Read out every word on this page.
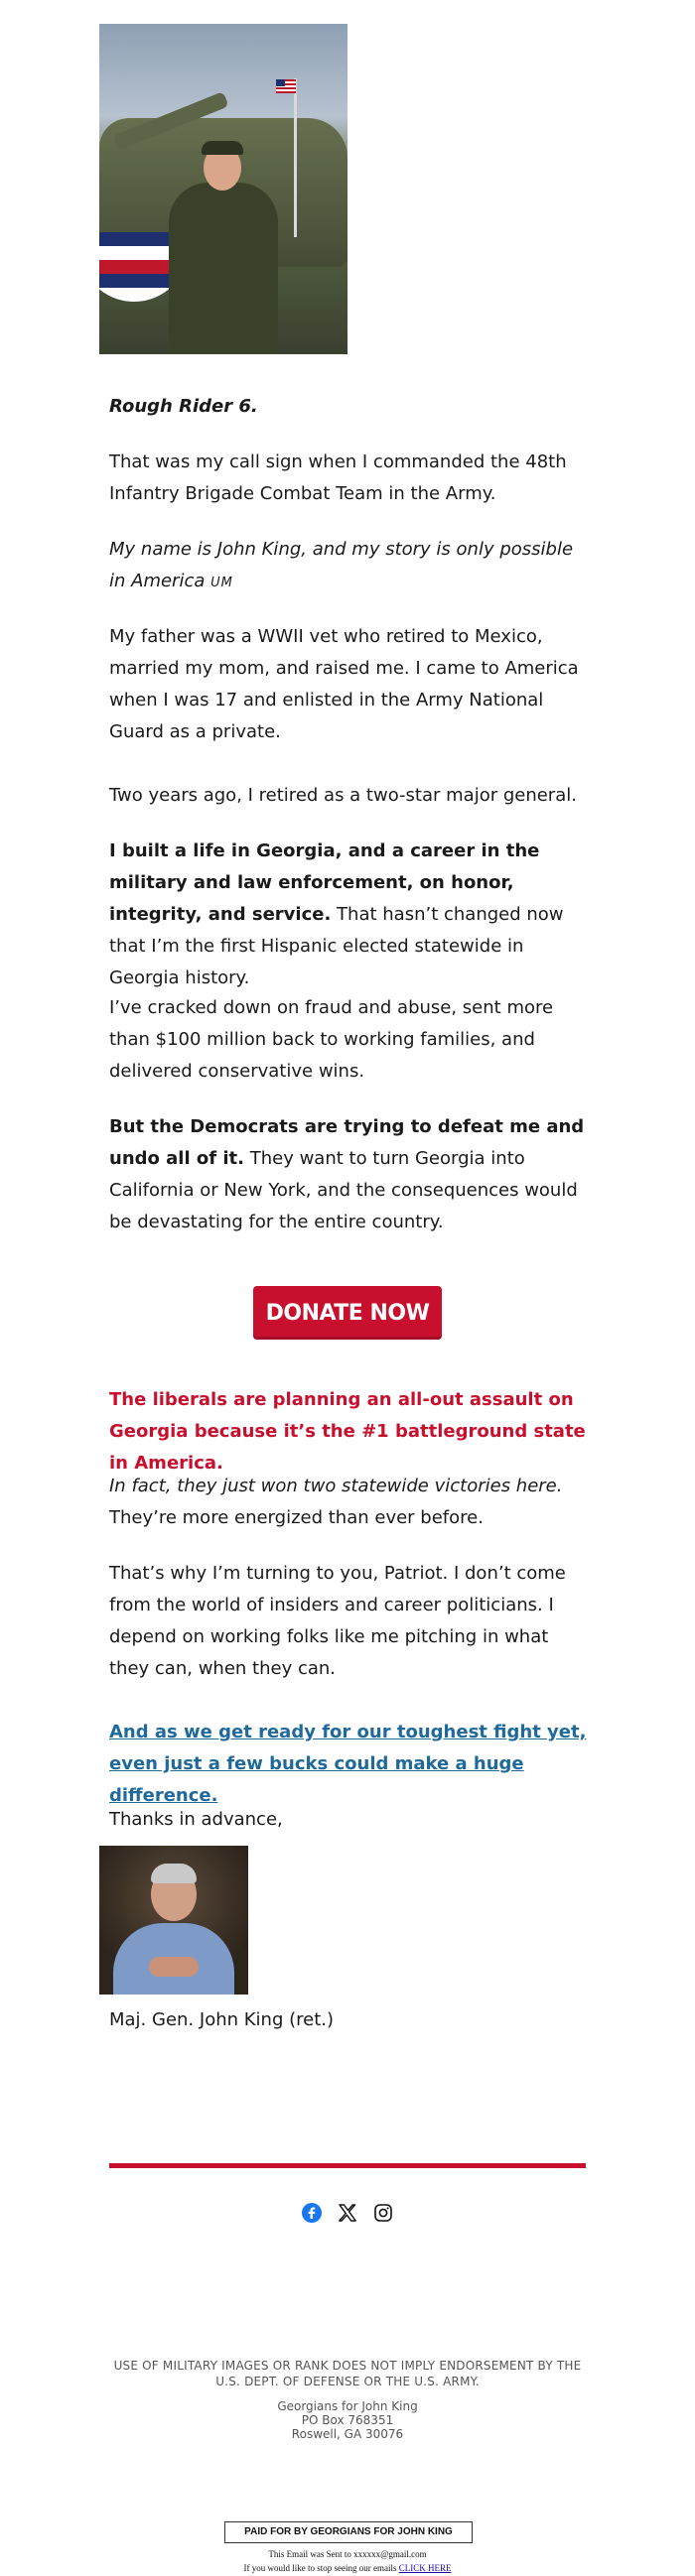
Rough Rider 6.

That was my call sign when I commanded the 48th Infantry Brigade Combat Team in the Army.

My name is John King, and my story is only possible in America UM

My father was a WWII vet who retired to Mexico, married my mom, and raised me. I came to America when I was 17 and enlisted in the Army National Guard as a private.

Two years ago, I retired as a two-star major general.

I built a life in Georgia, and a career in the military and law enforcement, on honor, integrity, and service. That hasn’t changed now that I’m the first Hispanic elected statewide in Georgia history.

I’ve cracked down on fraud and abuse, sent more than $100 million back to working families, and delivered conservative wins.

But the Democrats are trying to defeat me and undo all of it. They want to turn Georgia into California or New York, and the consequences would be devastating for the entire country.

DONATE NOW

The liberals are planning an all-out assault on Georgia because it’s the #1 battleground state in America.

In fact, they just won two statewide victories here. They’re more energized than ever before.

That’s why I’m turning to you, Patriot. I don’t come from the world of insiders and career politicians. I depend on working folks like me pitching in what they can, when they can.

And as we get ready for our toughest fight yet, even just a few bucks could make a huge difference.

Thanks in advance,

Maj. Gen. John King (ret.)

USE OF MILITARY IMAGES OR RANK DOES NOT IMPLY ENDORSEMENT BY THE U.S. DEPT. OF DEFENSE OR THE U.S. ARMY.

Georgians for John King

PO Box 768351

Roswell, GA 30076

PAID FOR BY GEORGIANS FOR JOHN KING

This Email was Sent to xxxxxx@gmail.com

If you would like to stop seeing our emails CLICK HERE
